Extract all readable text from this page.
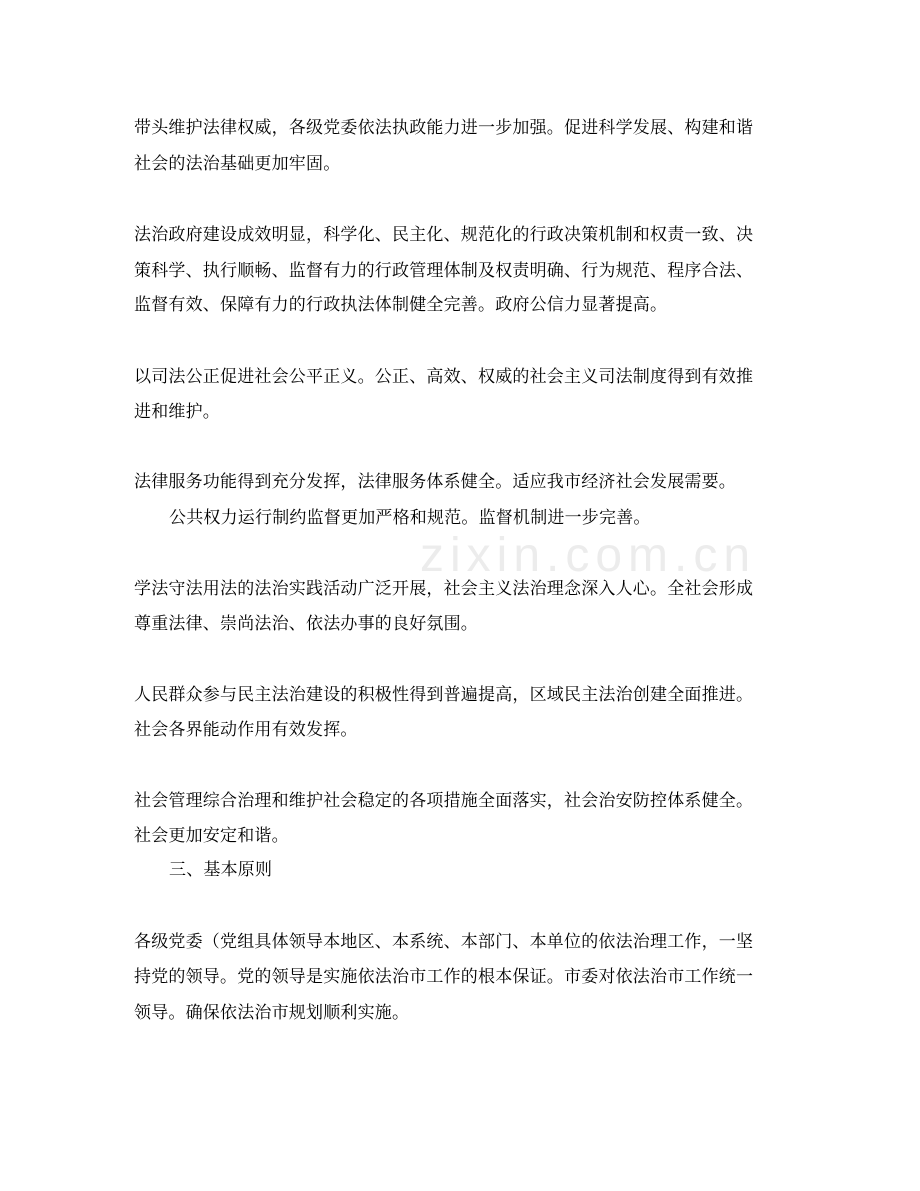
带头维护法律权威，各级党委依法执政能力进一步加强。促进科学发展、构建和谐
社会的法治基础更加牢固。
法治政府建设成效明显，科学化、民主化、规范化的行政决策机制和权责一致、决
策科学、执行顺畅、监督有力的行政管理体制及权责明确、行为规范、程序合法、
监督有效、保障有力的行政执法体制健全完善。政府公信力显著提高。
以司法公正促进社会公平正义。公正、高效、权威的社会主义司法制度得到有效推
进和维护。
法律服务功能得到充分发挥，法律服务体系健全。适应我市经济社会发展需要。
公共权力运行制约监督更加严格和规范。监督机制进一步完善。
学法守法用法的法治实践活动广泛开展，社会主义法治理念深入人心。全社会形成
尊重法律、崇尚法治、依法办事的良好氛围。
人民群众参与民主法治建设的积极性得到普遍提高，区域民主法治创建全面推进。
社会各界能动作用有效发挥。
社会管理综合治理和维护社会稳定的各项措施全面落实，社会治安防控体系健全。
社会更加安定和谐。
三、基本原则
各级党委（党组具体领导本地区、本系统、本部门、本单位的依法治理工作，一坚
持党的领导。党的领导是实施依法治市工作的根本保证。市委对依法治市工作统一
领导。确保依法治市规划顺利实施。
zixin.com.cn
